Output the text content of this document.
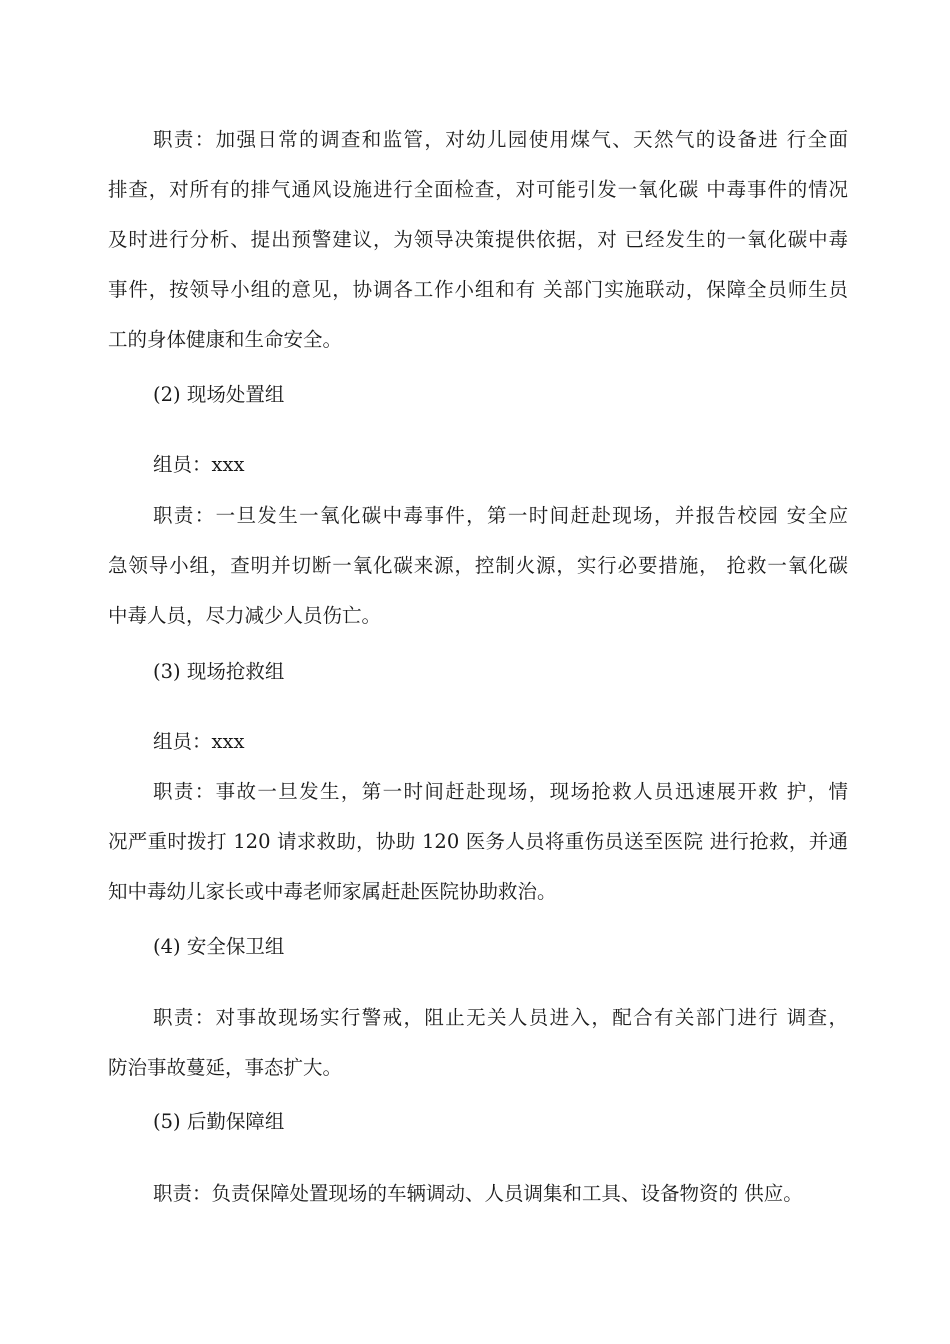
职责：加强日常的调查和监管，对幼儿园使用煤气、天然气的设备进 行全面
排查，对所有的排气通风设施进行全面检查，对可能引发一氧化碳 中毒事件的情况
及时进行分析、提出预警建议，为领导决策提供依据，对 已经发生的一氧化碳中毒
事件，按领导小组的意见，协调各工作小组和有 关部门实施联动，保障全员师生员
工的身体健康和生命安全。
(2) 现场处置组
组员：xxx
职责：一旦发生一氧化碳中毒事件，第一时间赶赴现场，并报告校园 安全应
急领导小组，查明并切断一氧化碳来源，控制火源，实行必要措施， 抢救一氧化碳
中毒人员，尽力减少人员伤亡。
(3) 现场抢救组
组员：xxx
职责：事故一旦发生，第一时间赶赴现场，现场抢救人员迅速展开救 护，情
况严重时拨打 120 请求救助，协助 120 医务人员将重伤员送至医院 进行抢救，并通
知中毒幼儿家长或中毒老师家属赶赴医院协助救治。
(4) 安全保卫组
职责：对事故现场实行警戒，阻止无关人员进入，配合有关部门进行 调查，
防治事故蔓延，事态扩大。
(5) 后勤保障组
职责：负责保障处置现场的车辆调动、人员调集和工具、设备物资的 供应。
